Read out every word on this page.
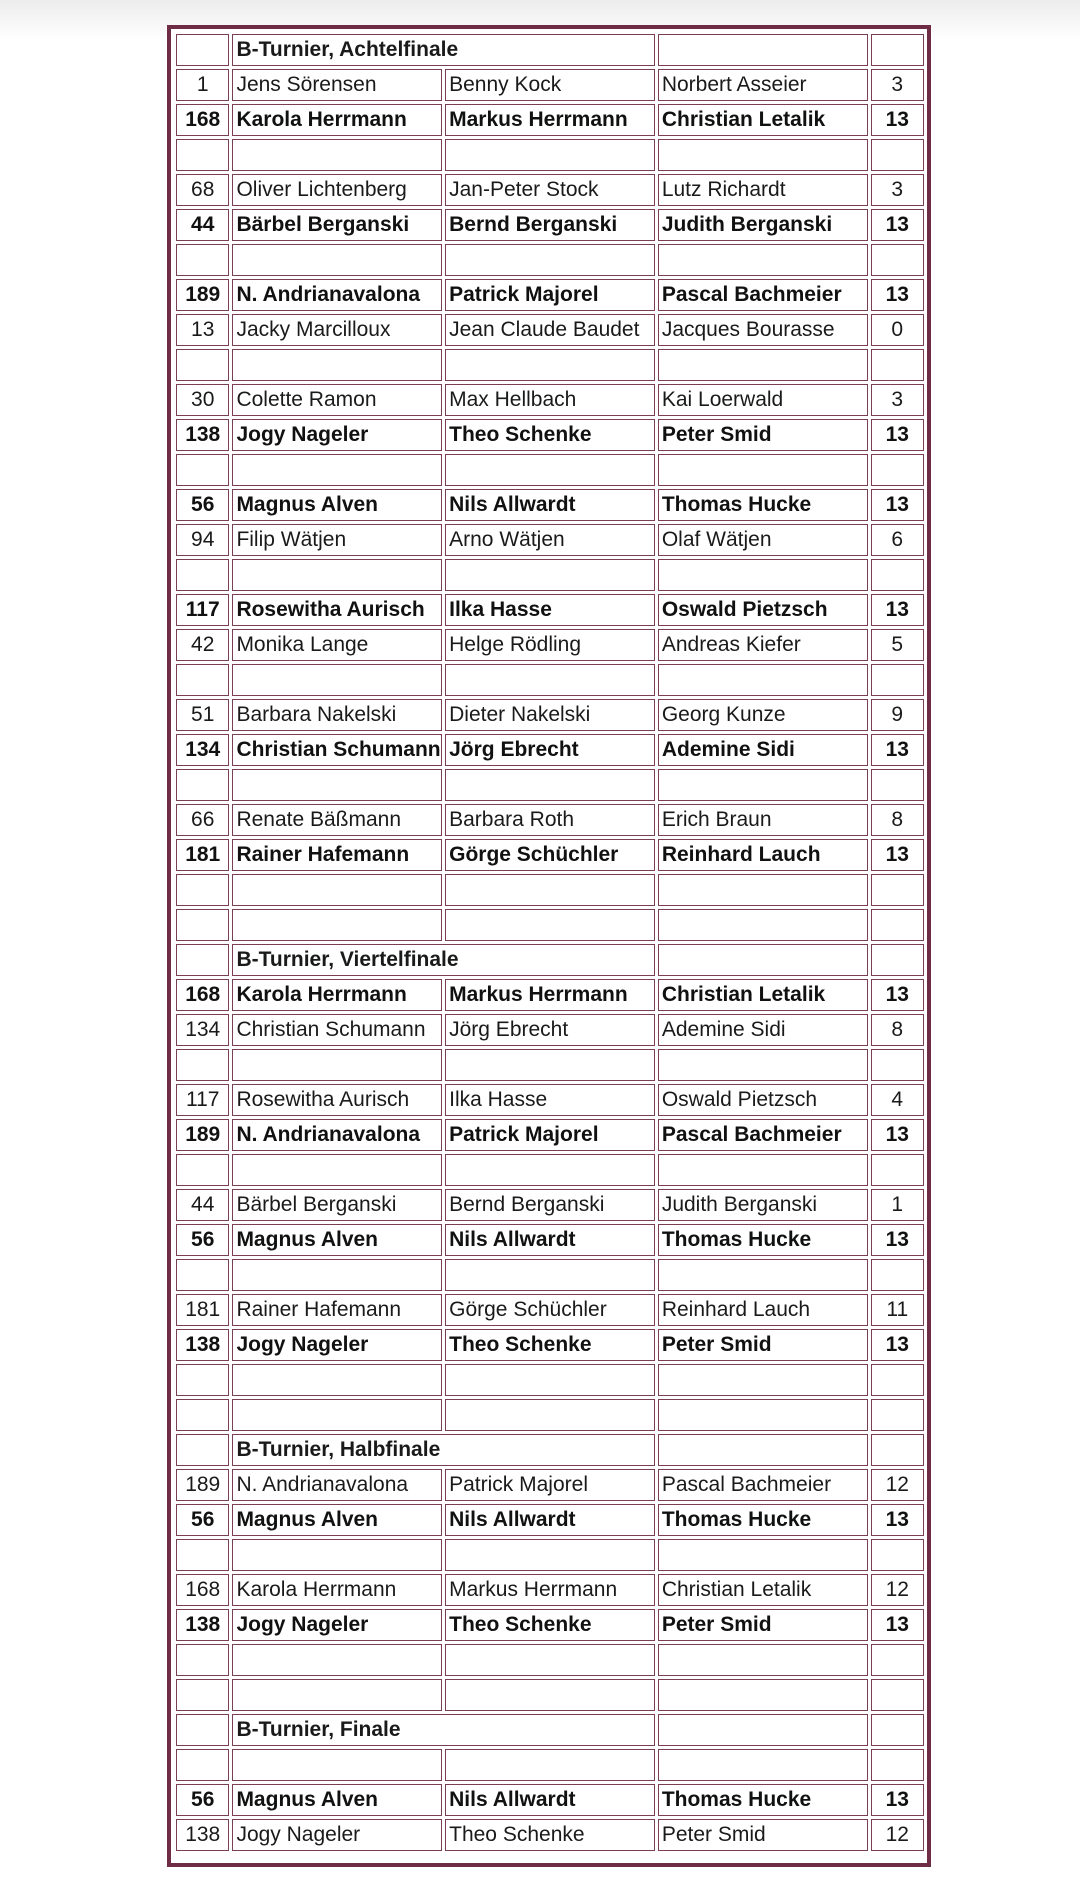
	B-Turnier, Achtelfinale			
1	Jens Sörensen	Benny Kock	Norbert Asseier	3
168	Karola Herrmann	Markus Herrmann	Christian Letalik	13

68	Oliver Lichtenberg	Jan-Peter Stock	Lutz Richardt	3
44	Bärbel Berganski	Bernd Berganski	Judith Berganski	13

189	N. Andrianavalona	Patrick Majorel	Pascal Bachmeier	13
13	Jacky Marcilloux	Jean Claude Baudet	Jacques Bourasse	0

30	Colette Ramon	Max Hellbach	Kai Loerwald	3
138	Jogy Nageler	Theo Schenke	Peter Smid	13

56	Magnus Alven	Nils Allwardt	Thomas Hucke	13
94	Filip Wätjen	Arno Wätjen	Olaf Wätjen	6

117	Rosewitha Aurisch	Ilka Hasse	Oswald Pietzsch	13
42	Monika Lange	Helge Rödling	Andreas Kiefer	5

51	Barbara Nakelski	Dieter Nakelski	Georg Kunze	9
134	Christian Schumann	Jörg Ebrecht	Ademine Sidi	13

66	Renate Bäßmann	Barbara Roth	Erich Braun	8
181	Rainer Hafemann	Görge Schüchler	Reinhard Lauch	13

	B-Turnier, Viertelfinale			
168	Karola Herrmann	Markus Herrmann	Christian Letalik	13
134	Christian Schumann	Jörg Ebrecht	Ademine Sidi	8

117	Rosewitha Aurisch	Ilka Hasse	Oswald Pietzsch	4
189	N. Andrianavalona	Patrick Majorel	Pascal Bachmeier	13

44	Bärbel Berganski	Bernd Berganski	Judith Berganski	1
56	Magnus Alven	Nils Allwardt	Thomas Hucke	13

181	Rainer Hafemann	Görge Schüchler	Reinhard Lauch	11
138	Jogy Nageler	Theo Schenke	Peter Smid	13

	B-Turnier, Halbfinale			
189	N. Andrianavalona	Patrick Majorel	Pascal Bachmeier	12
56	Magnus Alven	Nils Allwardt	Thomas Hucke	13

168	Karola Herrmann	Markus Herrmann	Christian Letalik	12
138	Jogy Nageler	Theo Schenke	Peter Smid	13

	B-Turnier, Finale			

56	Magnus Alven	Nils Allwardt	Thomas Hucke	13
138	Jogy Nageler	Theo Schenke	Peter Smid	12
